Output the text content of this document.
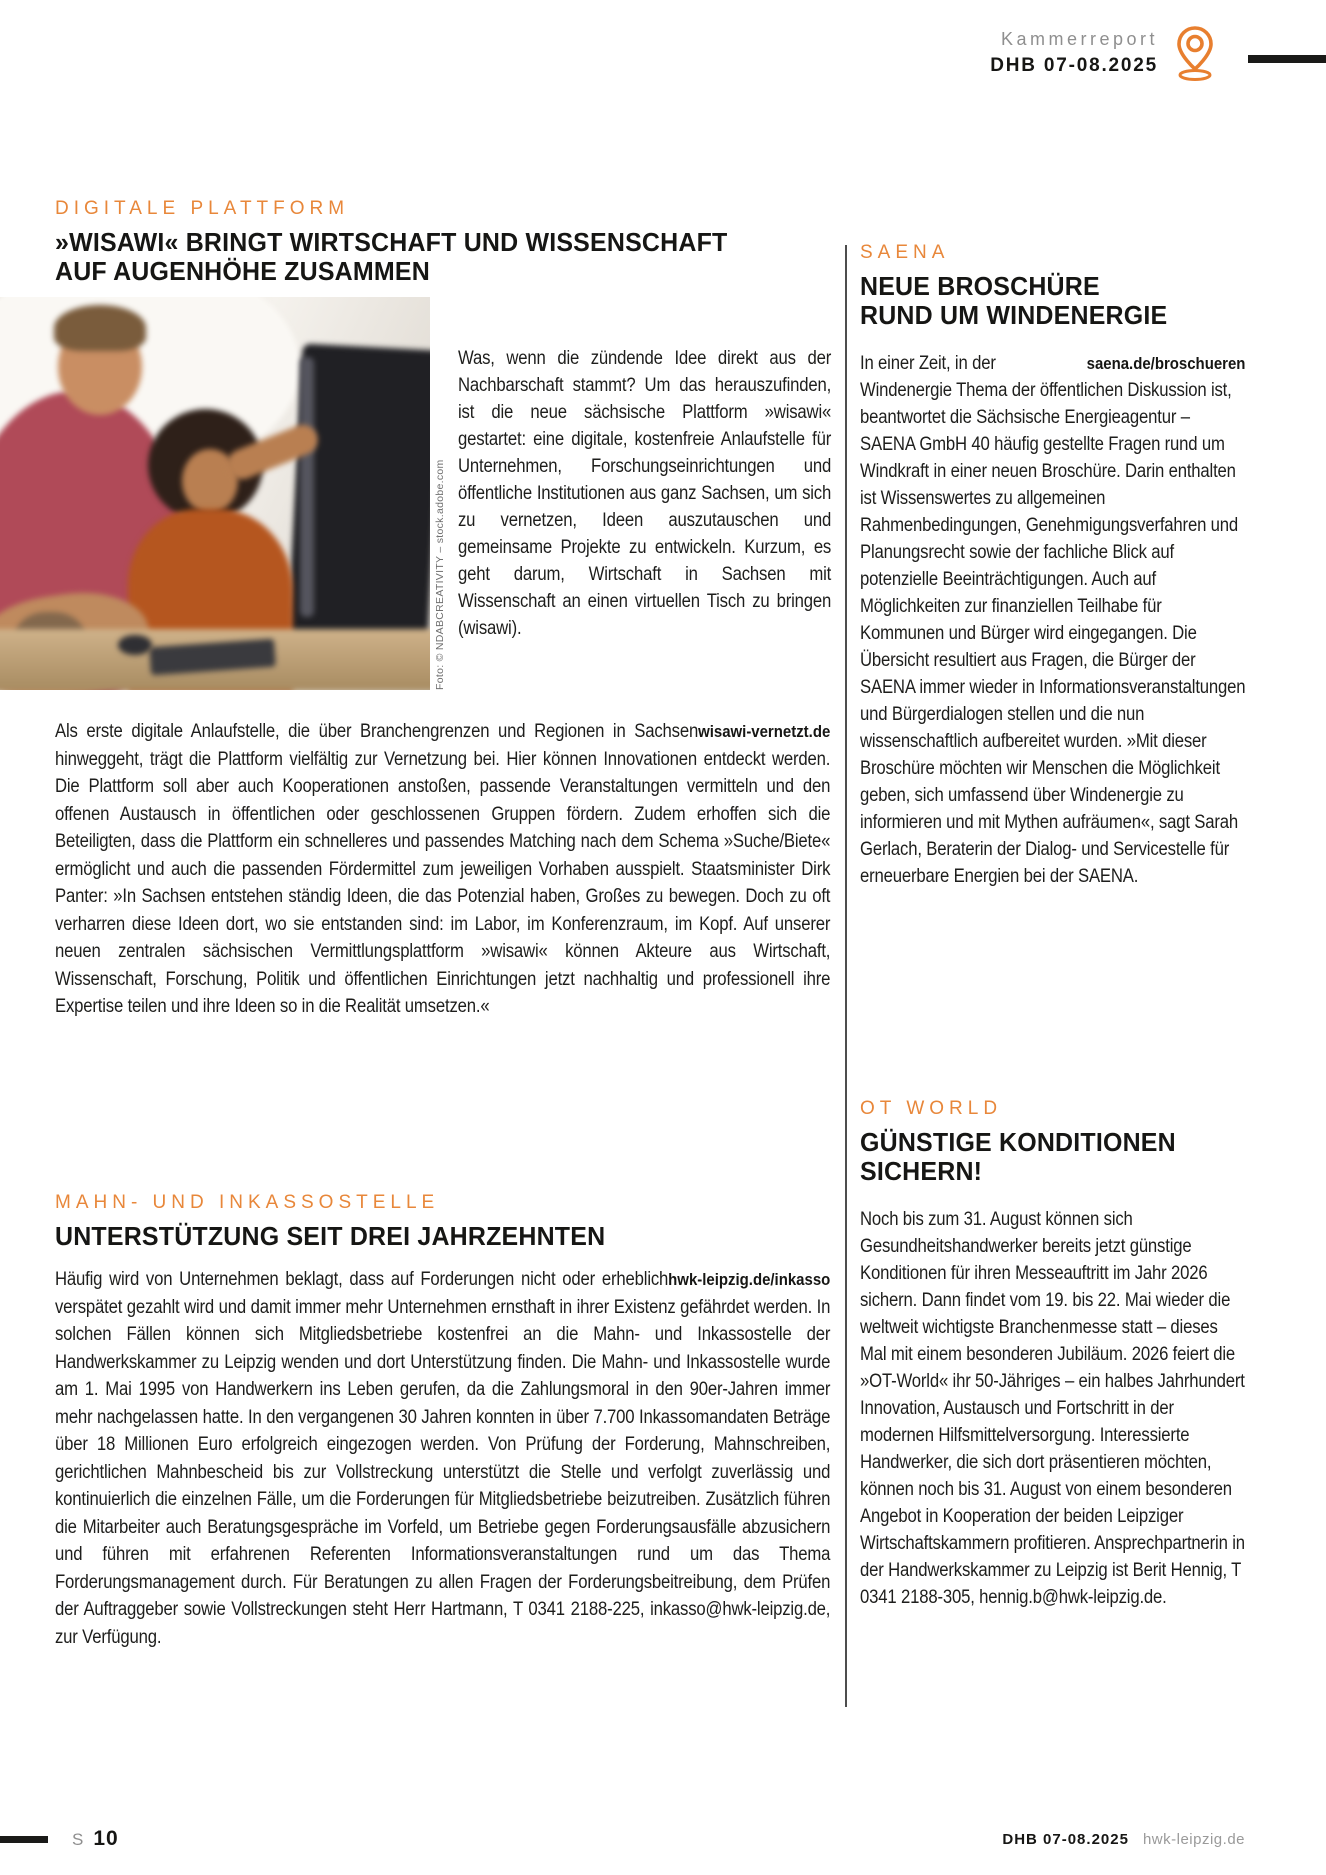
Kammerreport
DHB 07-08.2025
DIGITALE PLATTFORM
»WISAWI« BRINGT WIRTSCHAFT UND WISSENSCHAFT
AUF AUGENHÖHE ZUSAMMEN
Foto: © NDABCREATIVITY – stock.adobe.com
Was, wenn die zündende Idee direkt aus der Nachbarschaft stammt? Um das herauszufinden, ist die neue sächsische Plattform »wisawi« gestartet: eine digitale, kostenfreie Anlaufstelle für Unternehmen, Forschungseinrichtungen und öffentliche Institutionen aus ganz Sachsen, um sich zu vernetzen, Ideen auszutauschen und gemeinsame Projekte zu entwickeln. Kurzum, es geht darum, Wirtschaft in Sachsen mit Wissenschaft an einen virtuellen Tisch zu bringen (wisawi).
wisawi-vernetzt.de
Als erste digitale Anlaufstelle, die über Branchengrenzen und Regionen in Sachsen hinweggeht, trägt die Plattform vielfältig zur Vernetzung bei. Hier können Innovationen entdeckt werden. Die Plattform soll aber auch Kooperationen anstoßen, passende Veranstaltungen vermitteln und den offenen Austausch in öffentlichen oder geschlossenen Gruppen fördern. Zudem erhoffen sich die Beteiligten, dass die Plattform ein schnelleres und passendes Matching nach dem Schema »Suche/Biete« ermöglicht und auch die passenden Fördermittel zum jeweiligen Vorhaben ausspielt. Staatsminister Dirk Panter: »In Sachsen entstehen ständig Ideen, die das Potenzial haben, Großes zu bewegen. Doch zu oft verharren diese Ideen dort, wo sie entstanden sind: im Labor, im Konferenzraum, im Kopf. Auf unserer neuen zentralen sächsischen Vermittlungsplattform »wisawi« können Akteure aus Wirtschaft, Wissenschaft, Forschung, Politik und öffentlichen Einrichtungen jetzt nachhaltig und professionell ihre Expertise teilen und ihre Ideen so in die Realität umsetzen.«
MAHN- UND INKASSOSTELLE
UNTERSTÜTZUNG SEIT DREI JAHRZEHNTEN
hwk-leipzig.de/inkasso
Häufig wird von Unternehmen beklagt, dass auf Forderungen nicht oder erheblich verspätet gezahlt wird und damit immer mehr Unternehmen ernsthaft in ihrer Existenz gefährdet werden. In solchen Fällen können sich Mitgliedsbetriebe kostenfrei an die Mahn- und Inkassostelle der Handwerkskammer zu Leipzig wenden und dort Unterstützung finden. Die Mahn- und Inkassostelle wurde am 1. Mai 1995 von Handwerkern ins Leben gerufen, da die Zahlungsmoral in den 90er-Jahren immer mehr nachgelassen hatte. In den vergangenen 30 Jahren konnten in über 7.700 Inkassomandaten Beträge über 18 Millionen Euro erfolgreich eingezogen werden. Von Prüfung der Forderung, Mahnschreiben, gerichtlichen Mahnbescheid bis zur Vollstreckung unterstützt die Stelle und verfolgt zuverlässig und kontinuierlich die einzelnen Fälle, um die Forderungen für Mitgliedsbetriebe beizutreiben. Zusätzlich führen die Mitarbeiter auch Beratungsgespräche im Vorfeld, um Betriebe gegen Forderungsausfälle abzusichern und führen mit erfahrenen Referenten Informationsveranstaltungen rund um das Thema Forderungsmanagement durch. Für Beratungen zu allen Fragen der Forderungsbeitreibung, dem Prüfen der Auftraggeber sowie Vollstreckungen steht Herr Hartmann, T 0341 2188-225, inkasso@hwk-leipzig.de, zur Verfügung.
SAENA
NEUE BROSCHÜRE
RUND UM WINDENERGIE
saena.de/broschueren
In einer Zeit, in der Windenergie Thema der öffentlichen Diskussion ist, beantwortet die Sächsische Energieagentur – SAENA GmbH 40 häufig gestellte Fragen rund um Windkraft in einer neuen Broschüre. Darin enthalten ist Wissenswertes zu allgemeinen Rahmenbedingungen, Genehmigungsverfahren und Planungsrecht sowie der fachliche Blick auf potenzielle Beeinträchtigungen. Auch auf Möglichkeiten zur finanziellen Teilhabe für Kommunen und Bürger wird eingegangen. Die Übersicht resultiert aus Fragen, die Bürger der SAENA immer wieder in Informationsveranstaltungen und Bürgerdialogen stellen und die nun wissenschaftlich aufbereitet wurden. »Mit dieser Broschüre möchten wir Menschen die Möglichkeit geben, sich umfassend über Windenergie zu informieren und mit Mythen aufräumen«, sagt Sarah Gerlach, Beraterin der Dialog- und Servicestelle für erneuerbare Energien bei der SAENA.
OT WORLD
GÜNSTIGE KONDITIONEN
SICHERN!
Noch bis zum 31. August können sich Gesundheitshandwerker bereits jetzt günstige Konditionen für ihren Messeauftritt im Jahr 2026 sichern. Dann findet vom 19. bis 22. Mai wieder die weltweit wichtigste Branchenmesse statt – dieses Mal mit einem besonderen Jubiläum. 2026 feiert die »OT-World« ihr 50-Jähriges – ein halbes Jahrhundert Innovation, Austausch und Fortschritt in der modernen Hilfsmittelversorgung. Interessierte Handwerker, die sich dort präsentieren möchten, können noch bis 31. August von einem besonderen Angebot in Kooperation der beiden Leipziger Wirtschaftskammern profitieren. Ansprechpartnerin in der Handwerkskammer zu Leipzig ist Berit Hennig, T 0341 2188-305, hennig.b@hwk-leipzig.de.
S 10	DHB 07-08.2025 hwk-leipzig.de
